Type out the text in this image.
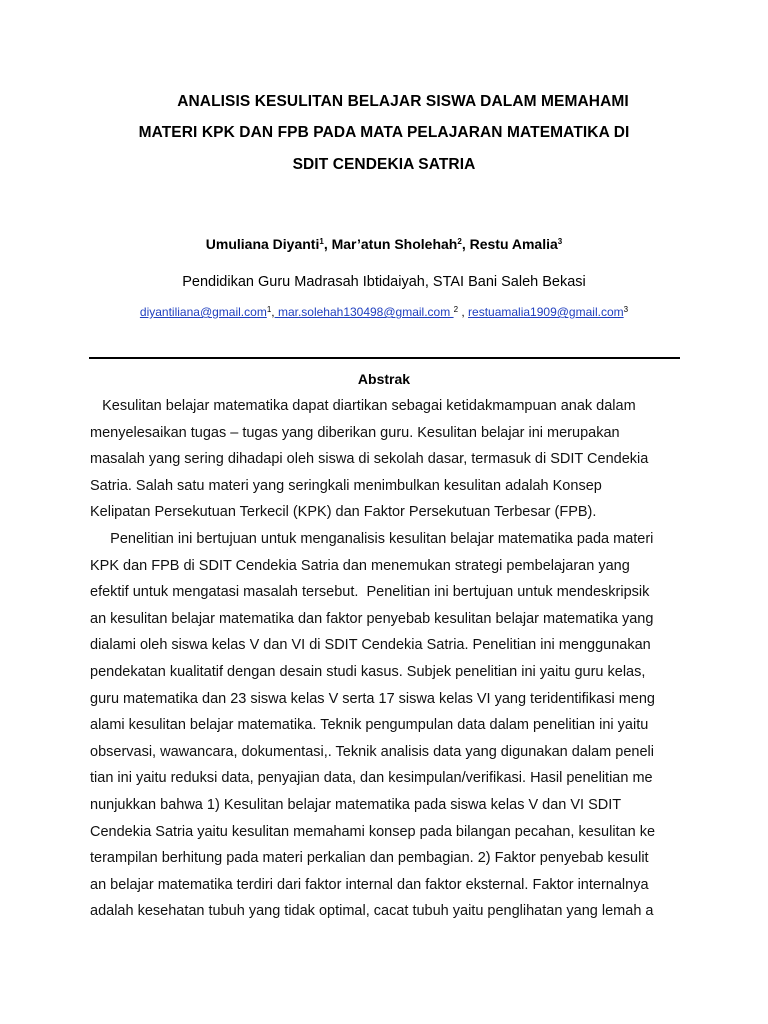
ANALISIS KESULITAN BELAJAR SISWA DALAM MEMAHAMI
MATERI KPK DAN FPB PADA MATA PELAJARAN MATEMATIKA DI
SDIT CENDEKIA SATRIA
Umuliana Diyanti$^1$, Mar’atun Sholehah$^2$, Restu Amalia$^3$
Pendidikan Guru Madrasah Ibtidaiyah, STAI Bani Saleh Bekasi
diyantiliana@gmail.com$^1$, mar.solehah130498@gmail.com $^2$ , restuamalia1909@gmail.com$^3$
Abstrak
Kesulitan belajar matematika dapat diartikan sebagai ketidakmampuan anak dalam
menyelesaikan tugas – tugas yang diberikan guru. Kesulitan belajar ini merupakan
masalah yang sering dihadapi oleh siswa di sekolah dasar, termasuk di SDIT Cendekia
Satria. Salah satu materi yang seringkali menimbulkan kesulitan adalah Konsep
Kelipatan Persekutuan Terkecil (KPK) dan Faktor Persekutuan Terbesar (FPB).
Penelitian ini bertujuan untuk menganalisis kesulitan belajar matematika pada materi
KPK dan FPB di SDIT Cendekia Satria dan menemukan strategi pembelajaran yang
efektif untuk mengatasi masalah tersebut.  Penelitian ini bertujuan untuk mendeskripsik
an kesulitan belajar matematika dan faktor penyebab kesulitan belajar matematika yang
dialami oleh siswa kelas V dan VI di SDIT Cendekia Satria. Penelitian ini menggunakan
pendekatan kualitatif dengan desain studi kasus. Subjek penelitian ini yaitu guru kelas,
guru matematika dan 23 siswa kelas V serta 17 siswa kelas VI yang teridentifikasi meng
alami kesulitan belajar matematika. Teknik pengumpulan data dalam penelitian ini yaitu
observasi, wawancara, dokumentasi,. Teknik analisis data yang digunakan dalam peneli
tian ini yaitu reduksi data, penyajian data, dan kesimpulan/verifikasi. Hasil penelitian me
nunjukkan bahwa 1) Kesulitan belajar matematika pada siswa kelas V dan VI SDIT
Cendekia Satria yaitu kesulitan memahami konsep pada bilangan pecahan, kesulitan ke
terampilan berhitung pada materi perkalian dan pembagian. 2) Faktor penyebab kesulit
an belajar matematika terdiri dari faktor internal dan faktor eksternal. Faktor internalnya
adalah kesehatan tubuh yang tidak optimal, cacat tubuh yaitu penglihatan yang lemah a
